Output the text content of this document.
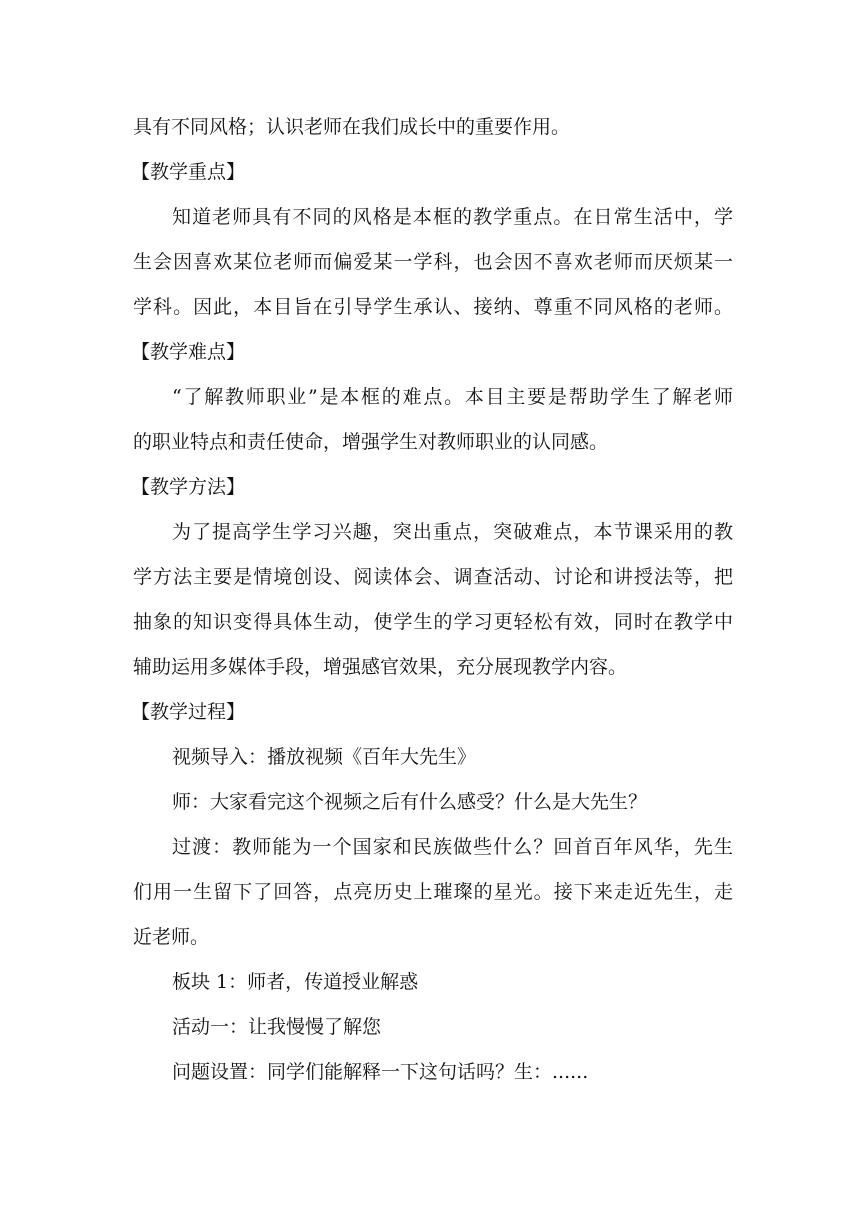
具有不同风格；认识老师在我们成长中的重要作用。
【教学重点】
知道老师具有不同的风格是本框的教学重点。在日常生活中，学
生会因喜欢某位老师而偏爱某一学科，也会因不喜欢老师而厌烦某一
学科。因此，本目旨在引导学生承认、接纳、尊重不同风格的老师。
【教学难点】
“了解教师职业”是本框的难点。本目主要是帮助学生了解老师
的职业特点和责任使命，增强学生对教师职业的认同感。
【教学方法】
为了提高学生学习兴趣，突出重点，突破难点，本节课采用的教
学方法主要是情境创设、阅读体会、调查活动、讨论和讲授法等，把
抽象的知识变得具体生动，使学生的学习更轻松有效，同时在教学中
辅助运用多媒体手段，增强感官效果，充分展现教学内容。
【教学过程】
视频导入：播放视频《百年大先生》
师：大家看完这个视频之后有什么感受？什么是大先生？
过渡：教师能为一个国家和民族做些什么？回首百年风华，先生
们用一生留下了回答，点亮历史上璀璨的星光。接下来走近先生，走
近老师。
板块 1：师者，传道授业解惑
活动一：让我慢慢了解您
问题设置：同学们能解释一下这句话吗？生：......
